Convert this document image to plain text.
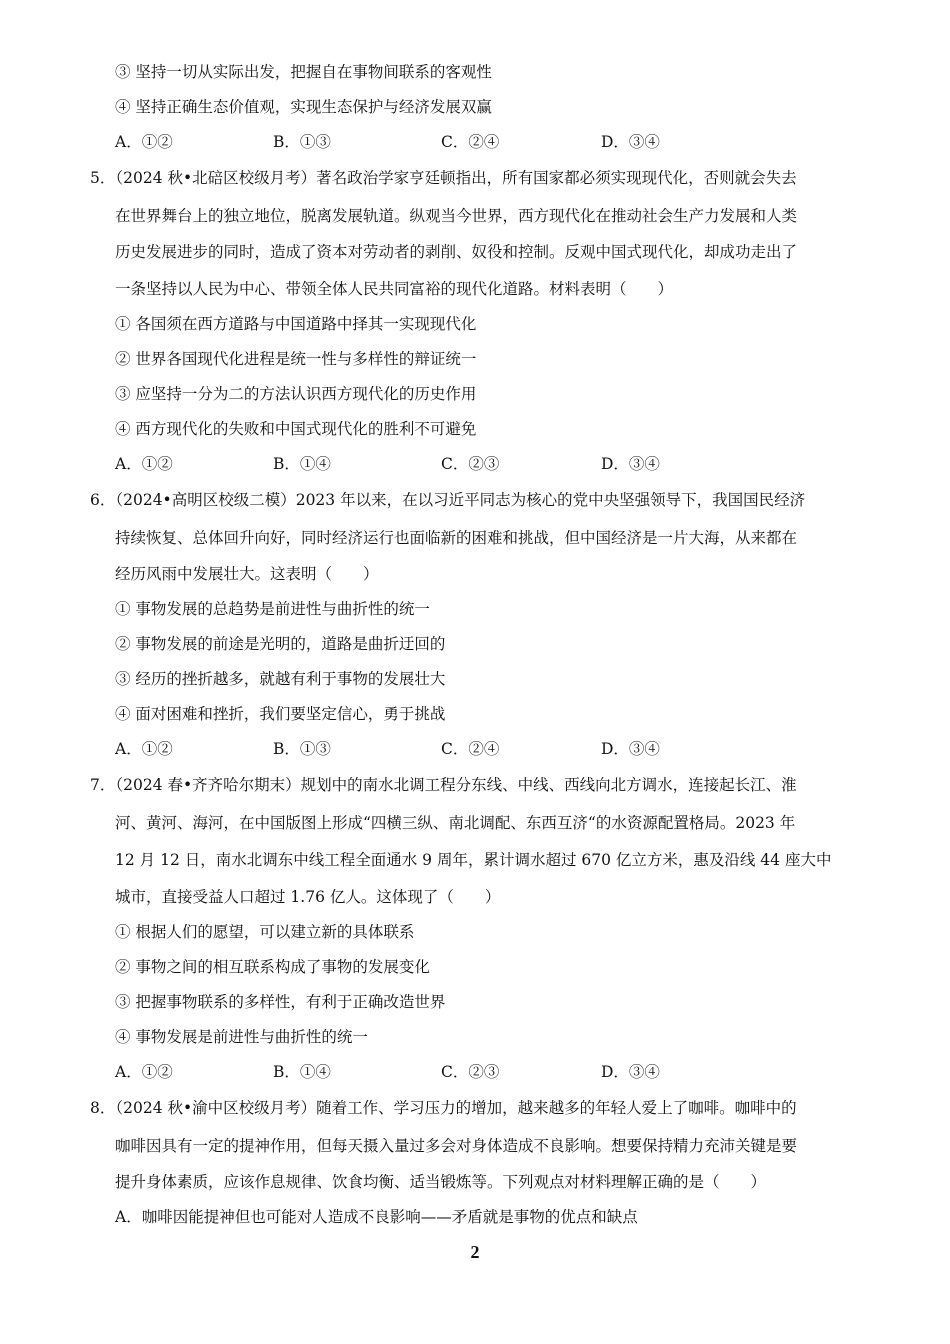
③ 坚持一切从实际出发，把握自在事物间联系的客观性
④ 坚持正确生态价值观，实现生态保护与经济发展双赢
A．①②	B．①③	C．②④	D．③④
5．（2024 秋•北碚区校级月考）著名政治学家亨廷顿指出，所有国家都必须实现现代化，否则就会失去
在世界舞台上的独立地位，脱离发展轨道。纵观当今世界，西方现代化在推动社会生产力发展和人类
历史发展进步的同时，造成了资本对劳动者的剥削、奴役和控制。反观中国式现代化，却成功走出了
一条坚持以人民为中心、带领全体人民共同富裕的现代化道路。材料表明（　　）
① 各国须在西方道路与中国道路中择其一实现现代化
② 世界各国现代化进程是统一性与多样性的辩证统一
③ 应坚持一分为二的方法认识西方现代化的历史作用
④ 西方现代化的失败和中国式现代化的胜利不可避免
A．①②	B．①④	C．②③	D．③④
6．（2024•高明区校级二模）2023 年以来，在以习近平同志为核心的党中央坚强领导下，我国国民经济
持续恢复、总体回升向好，同时经济运行也面临新的困难和挑战，但中国经济是一片大海，从来都在
经历风雨中发展壮大。这表明（　　）
① 事物发展的总趋势是前进性与曲折性的统一
② 事物发展的前途是光明的，道路是曲折迂回的
③ 经历的挫折越多，就越有利于事物的发展壮大
④ 面对困难和挫折，我们要坚定信心，勇于挑战
A．①②	B．①③	C．②④	D．③④
7．（2024 春•齐齐哈尔期末）规划中的南水北调工程分东线、中线、西线向北方调水，连接起长江、淮
河、黄河、海河，在中国版图上形成“四横三纵、南北调配、东西互济“的水资源配置格局。2023 年
12 月 12 日，南水北调东中线工程全面通水 9 周年，累计调水超过 670 亿立方米，惠及沿线 44 座大中
城市，直接受益人口超过 1.76 亿人。这体现了（　　）
① 根据人们的愿望，可以建立新的具体联系
② 事物之间的相互联系构成了事物的发展变化
③ 把握事物联系的多样性，有利于正确改造世界
④ 事物发展是前进性与曲折性的统一
A．①②	B．①④	C．②③	D．③④
8．（2024 秋•渝中区校级月考）随着工作、学习压力的增加，越来越多的年轻人爱上了咖啡。咖啡中的
咖啡因具有一定的提神作用，但每天摄入量过多会对身体造成不良影响。想要保持精力充沛关键是要
提升身体素质，应该作息规律、饮食均衡、适当锻炼等。下列观点对材料理解正确的是（　　）
A．咖啡因能提神但也可能对人造成不良影响——矛盾就是事物的优点和缺点
2
